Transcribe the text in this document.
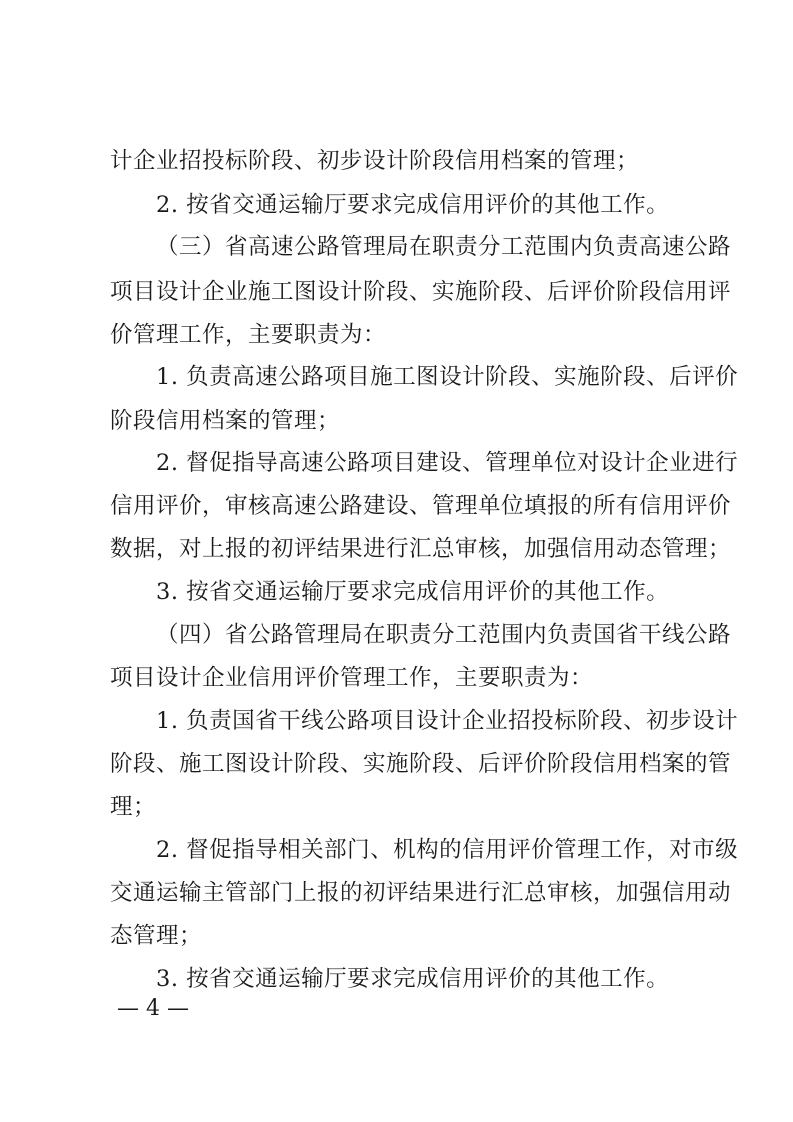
计企业招投标阶段、初步设计阶段信用档案的管理；
2. 按省交通运输厅要求完成信用评价的其他工作。
（三）省高速公路管理局在职责分工范围内负责高速公路
项目设计企业施工图设计阶段、实施阶段、后评价阶段信用评
价管理工作，主要职责为：
1. 负责高速公路项目施工图设计阶段、实施阶段、后评价
阶段信用档案的管理；
2. 督促指导高速公路项目建设、管理单位对设计企业进行
信用评价，审核高速公路建设、管理单位填报的所有信用评价
数据，对上报的初评结果进行汇总审核，加强信用动态管理；
3. 按省交通运输厅要求完成信用评价的其他工作。
（四）省公路管理局在职责分工范围内负责国省干线公路
项目设计企业信用评价管理工作，主要职责为：
1. 负责国省干线公路项目设计企业招投标阶段、初步设计
阶段、施工图设计阶段、实施阶段、后评价阶段信用档案的管
理；
2. 督促指导相关部门、机构的信用评价管理工作，对市级
交通运输主管部门上报的初评结果进行汇总审核，加强信用动
态管理；
3. 按省交通运输厅要求完成信用评价的其他工作。
— 4 —
